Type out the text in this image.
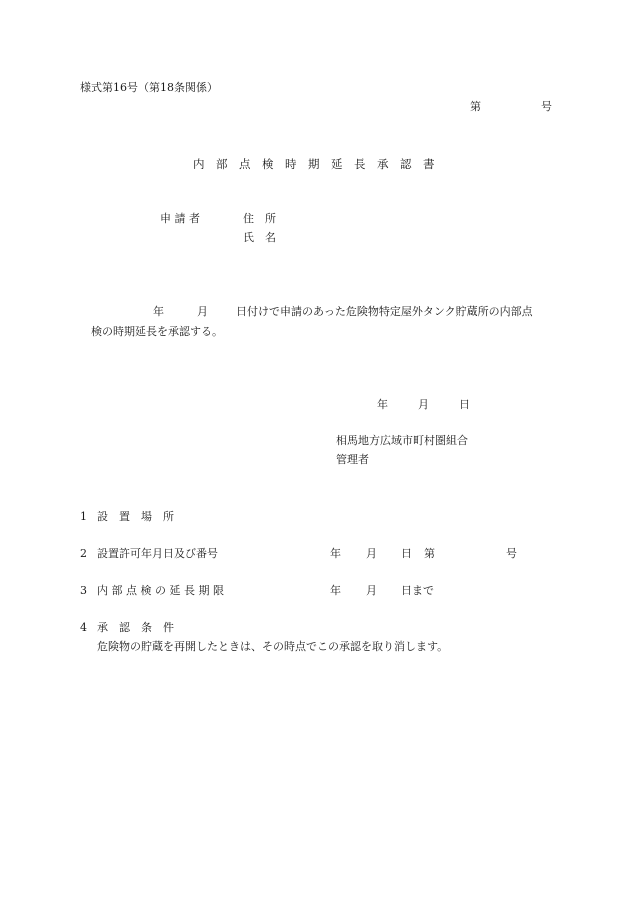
様式第16号（第18条関係）
第	号
内　部　点　検　時　期　延　長　承　認　書
申 請 者	住　所
氏　名
年	月	日付けで申請のあった危険物特定屋外タンク貯蔵所の内部点
検の時期延長を承認する。
年	月	日
相馬地方広域市町村圏組合
管理者
1 設　置　場　所
2 設置許可年月日及び番号	年 月 日 第	号
3 内 部 点 検 の 延 長 期 限	年 月 日まで
4 承　認　条　件
危険物の貯蔵を再開したときは、その時点でこの承認を取り消します。
